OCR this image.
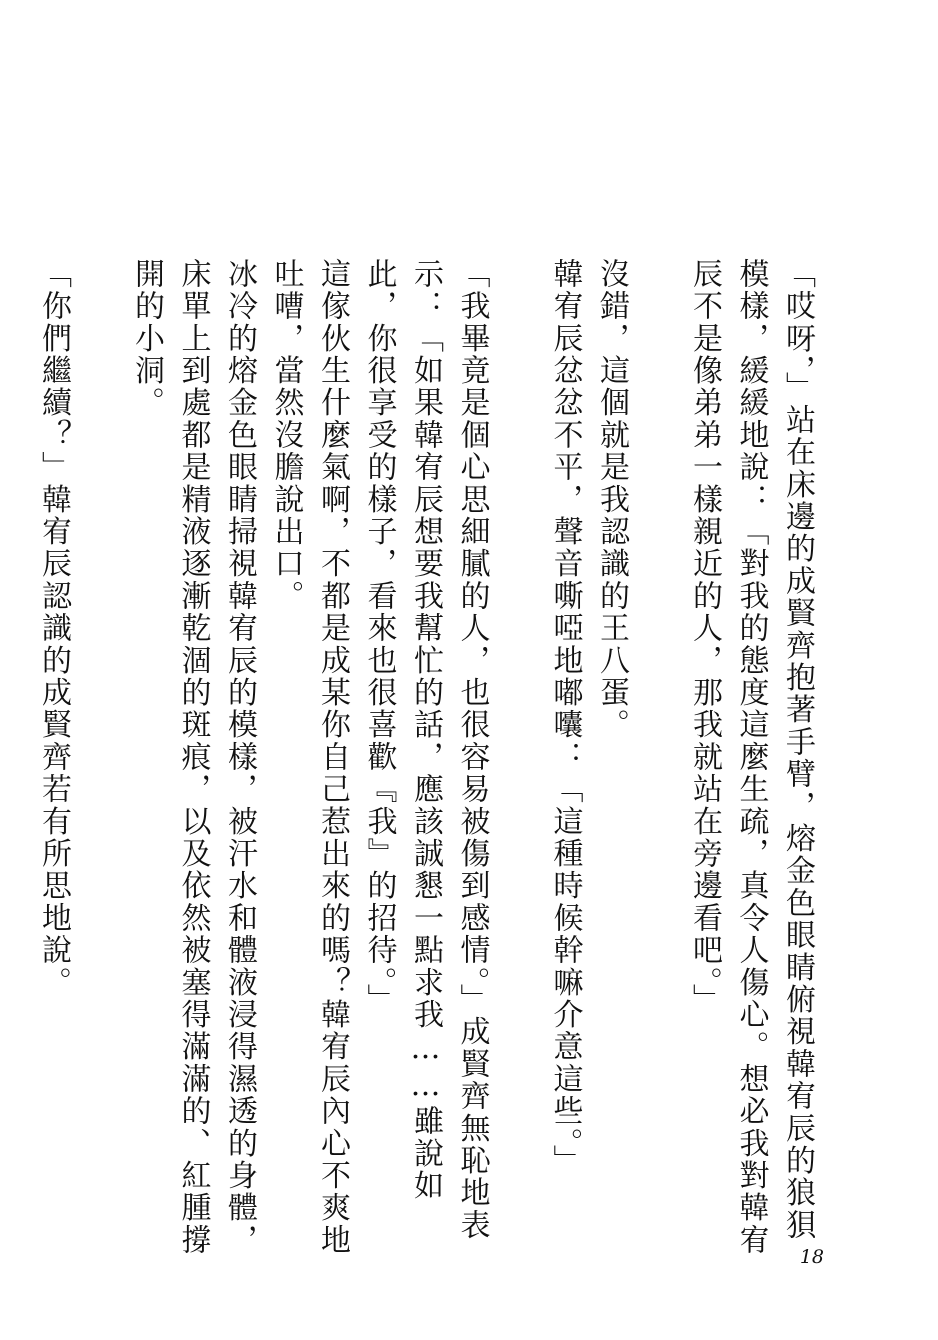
「哎呀，」站在床邊的成賢齊抱著手臂，熔金色眼睛俯視韓宥辰的狼狽模樣，緩緩地說：「對我的態度這麼生疏，真令人傷心。想必我對韓宥辰不是像弟弟一樣親近的人，那我就站在旁邊看吧。」

沒錯，這個就是我認識的王八蛋。

韓宥辰忿忿不平，聲音嘶啞地嘟囔：「這種時候幹嘛介意這些。」

「我畢竟是個心思細膩的人，也很容易被傷到感情。」成賢齊無恥地表示：「如果韓宥辰想要我幫忙的話，應該誠懇一點求我……雖說如此，你很享受的樣子，看來也很喜歡『我』的招待。」

這傢伙生什麼氣啊，不都是成某你自己惹出來的嗎？韓宥辰內心不爽地吐嘈，當然沒膽說出口。

冰冷的熔金色眼睛掃視韓宥辰的模樣，被汗水和體液浸得濕透的身體，床單上到處都是精液逐漸乾涸的斑痕，以及依然被塞得滿滿的、紅腫撐開的小洞。

「你們繼續？」韓宥辰認識的成賢齊若有所思地說。

18
